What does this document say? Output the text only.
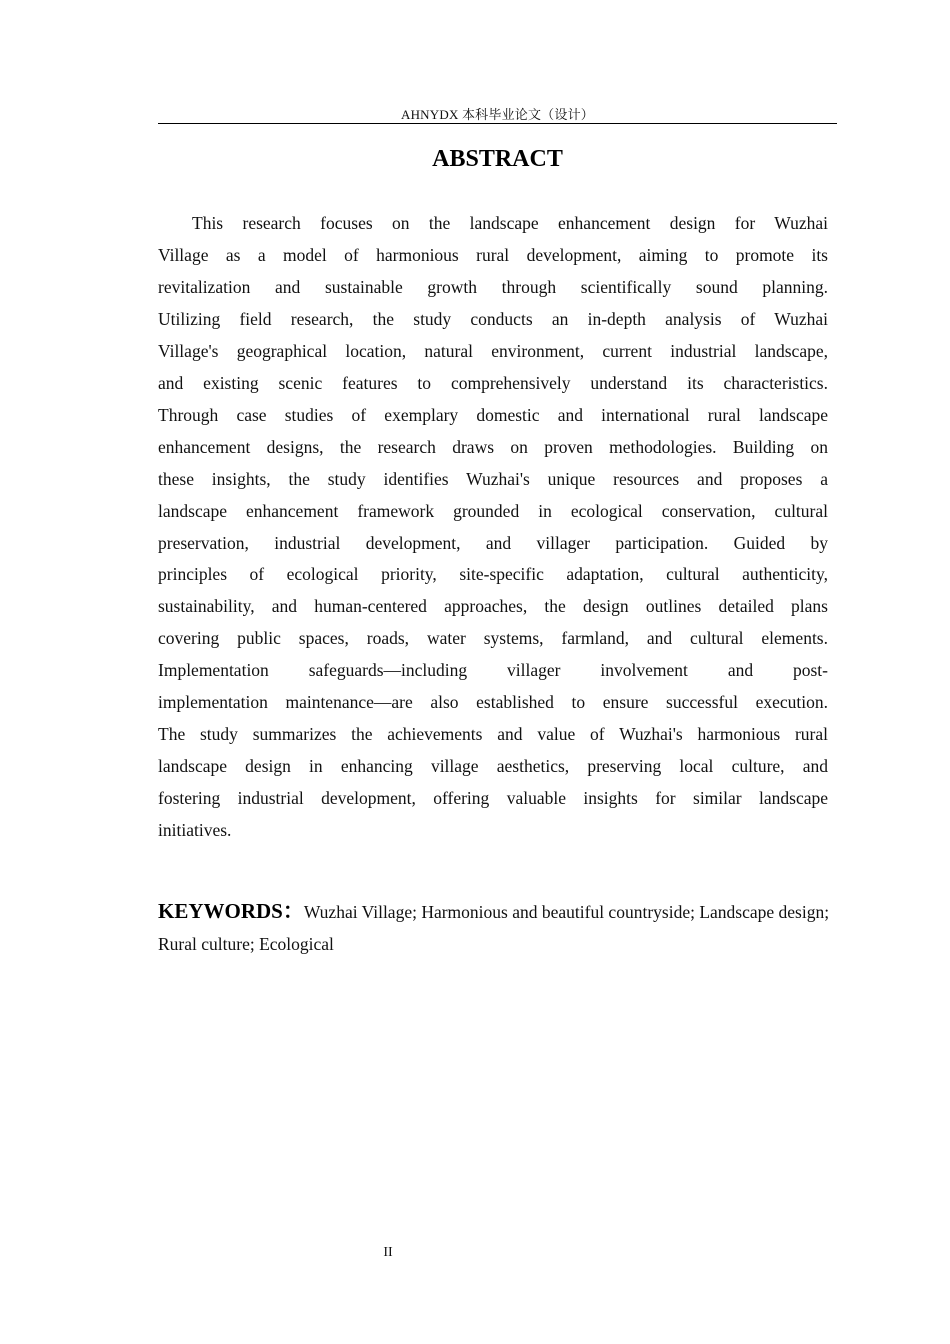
AHNYDX 本科毕业论文（设计）
ABSTRACT
This research focuses on the landscape enhancement design for Wuzhai
Village as a model of harmonious rural development, aiming to promote its
revitalization and sustainable growth through scientifically sound planning.
Utilizing field research, the study conducts an in-depth analysis of Wuzhai
Village's geographical location, natural environment, current industrial landscape,
and existing scenic features to comprehensively understand its characteristics.
Through case studies of exemplary domestic and international rural landscape
enhancement designs, the research draws on proven methodologies. Building on
these insights, the study identifies Wuzhai's unique resources and proposes a
landscape enhancement framework grounded in ecological conservation, cultural
preservation, industrial development, and villager participation. Guided by
principles of ecological priority, site-specific adaptation, cultural authenticity,
sustainability, and human-centered approaches, the design outlines detailed plans
covering public spaces, roads, water systems, farmland, and cultural elements.
Implementation safeguards—including villager involvement and post-
implementation maintenance—are also established to ensure successful execution.
The study summarizes the achievements and value of Wuzhai's harmonious rural
landscape design in enhancing village aesthetics, preserving local culture, and
fostering industrial development, offering valuable insights for similar landscape
initiatives.
KEYWORDS：Wuzhai Village; Harmonious and beautiful countryside; Landscape design; Rural culture; Ecological
II
